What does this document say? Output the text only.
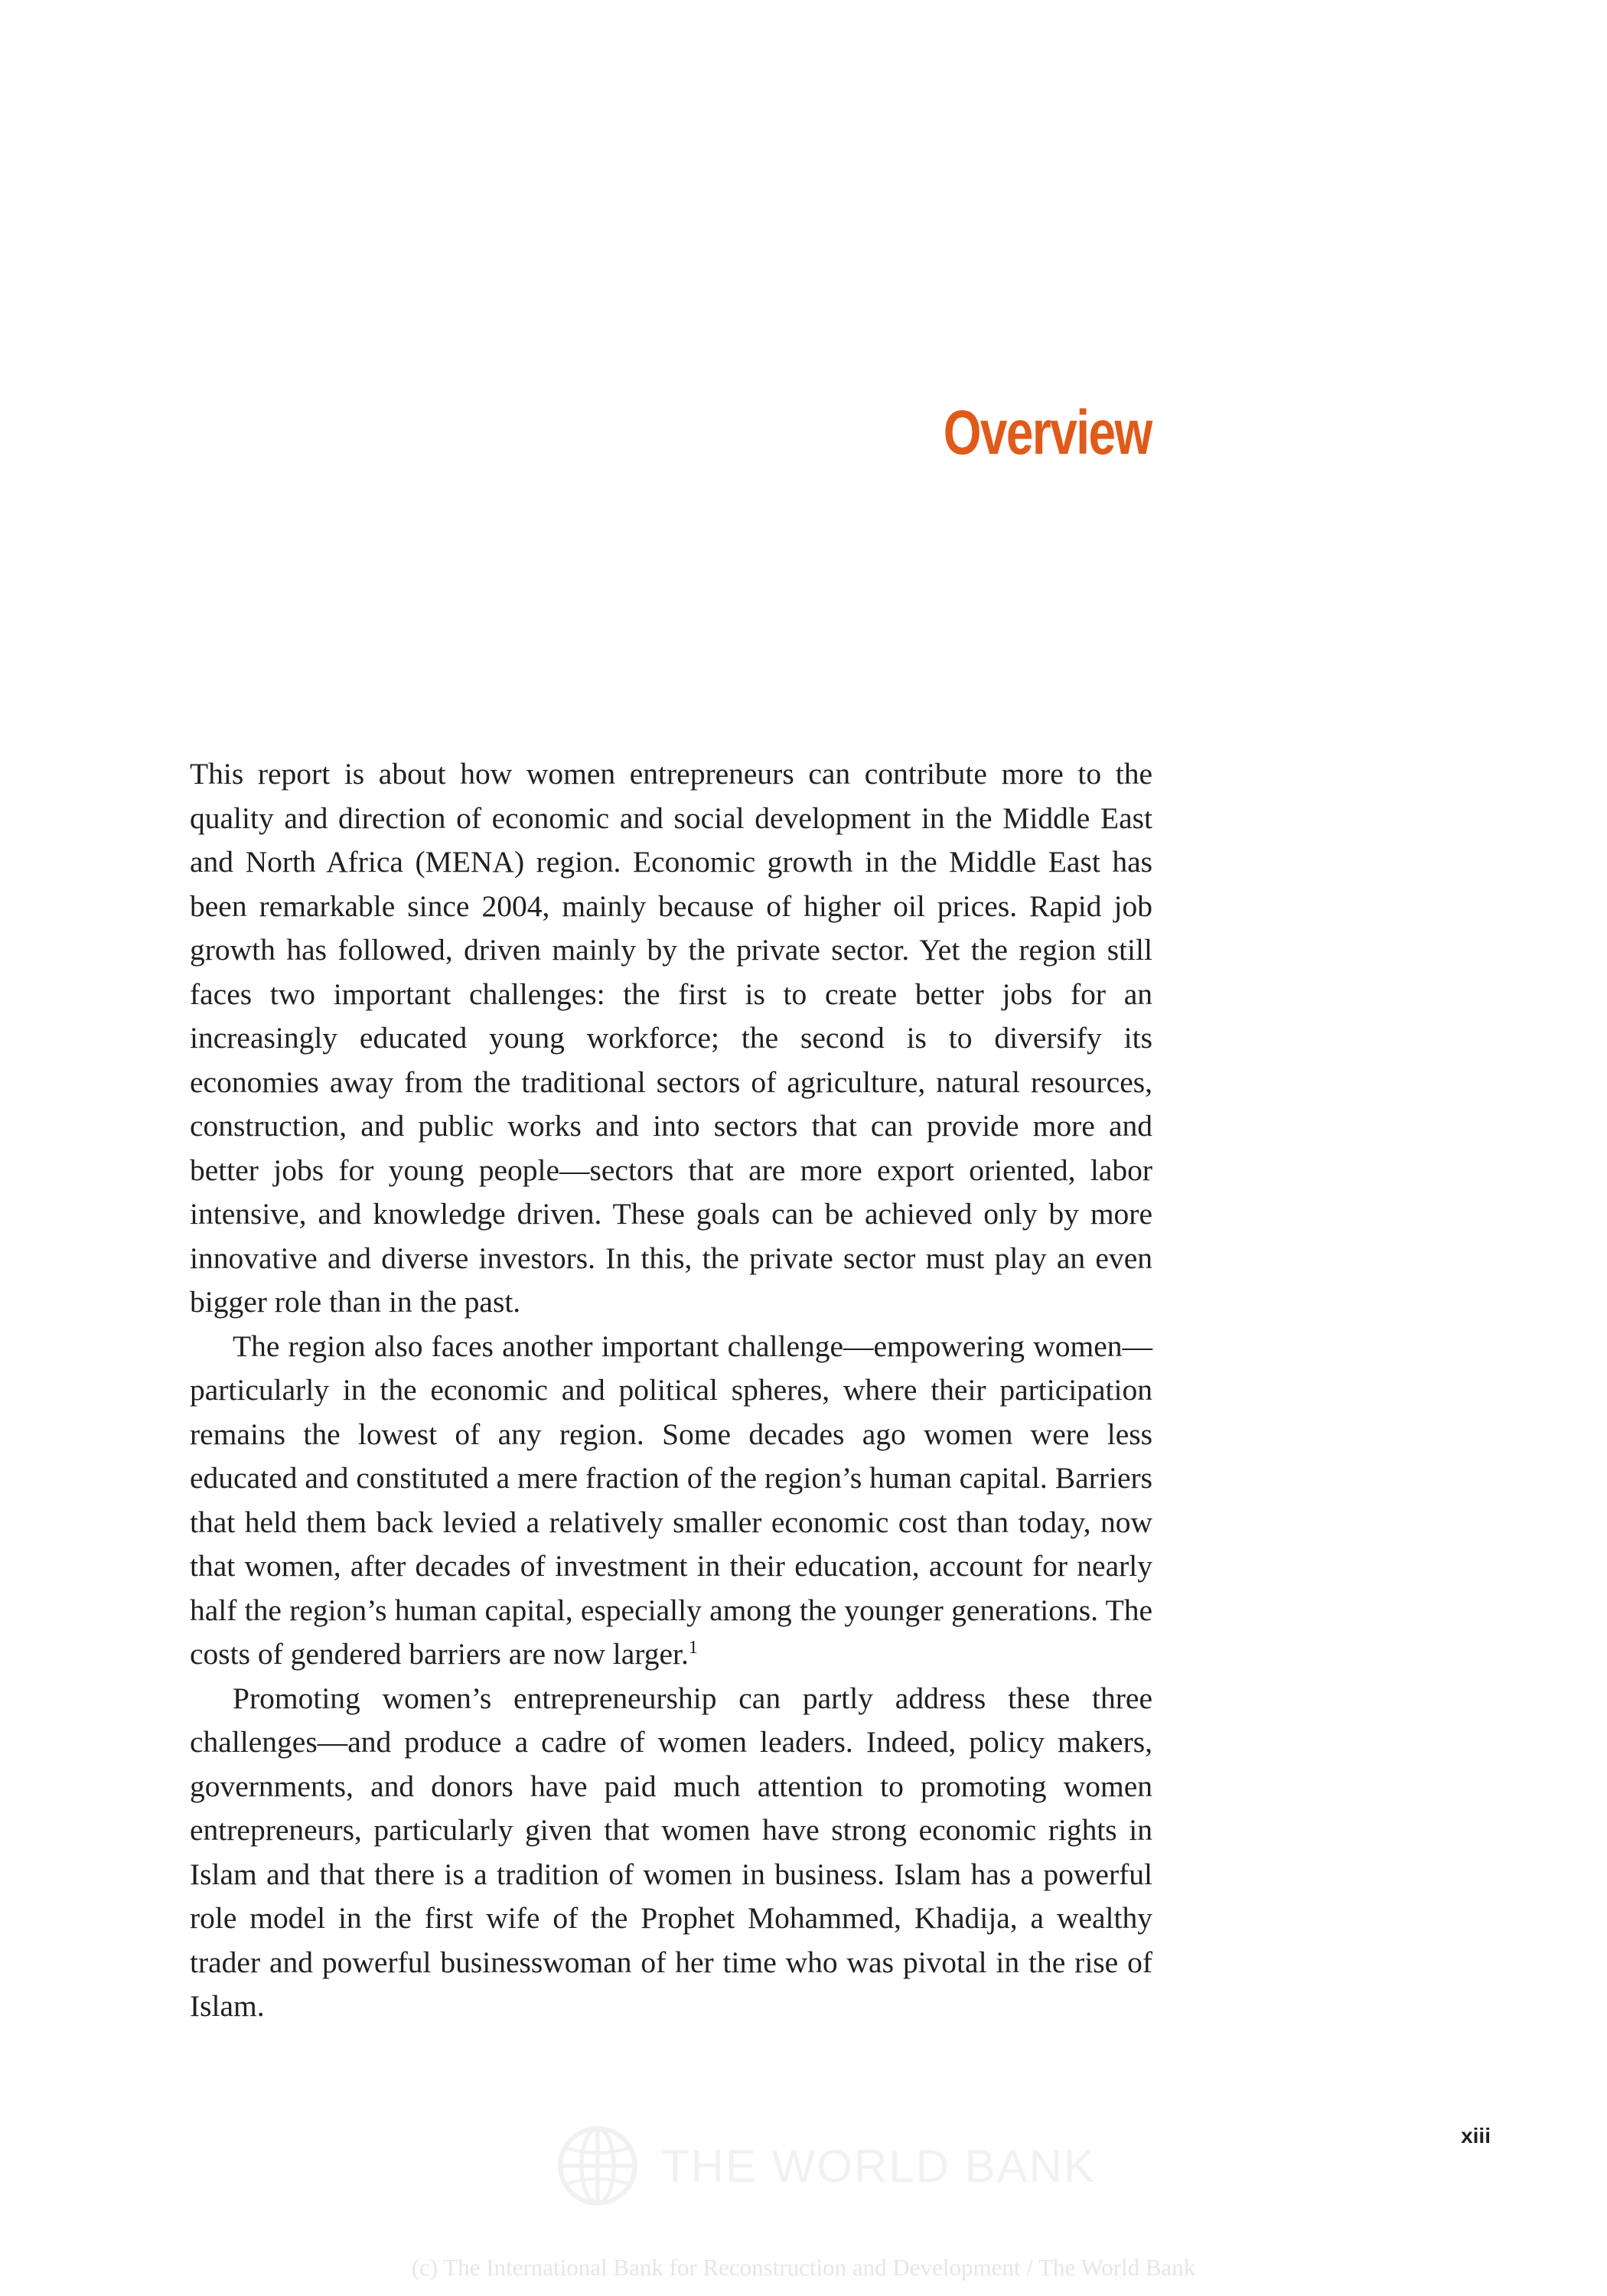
Overview

This report is about how women entrepreneurs can contribute more to the quality and direction of economic and social development in the Middle East and North Africa (MENA) region. Economic growth in the Middle East has been remarkable since 2004, mainly because of higher oil prices. Rapid job growth has followed, driven mainly by the private sector. Yet the region still faces two important challenges: the first is to create better jobs for an increasingly educated young workforce; the second is to diversify its economies away from the traditional sectors of agriculture, natural resources, construction, and public works and into sectors that can provide more and better jobs for young people—sectors that are more export oriented, labor intensive, and knowledge driven. These goals can be achieved only by more innovative and diverse investors. In this, the private sector must play an even bigger role than in the past.

The region also faces another important challenge—empowering women—particularly in the economic and political spheres, where their participation remains the lowest of any region. Some decades ago women were less educated and constituted a mere fraction of the region’s human capital. Barriers that held them back levied a relatively smaller economic cost than today, now that women, after decades of investment in their education, account for nearly half the region’s human capital, especially among the younger generations. The costs of gendered barriers are now larger.$^1$

Promoting women’s entrepreneurship can partly address these three challenges—and produce a cadre of women leaders. Indeed, policy makers, governments, and donors have paid much attention to promoting women entrepreneurs, particularly given that women have strong economic rights in Islam and that there is a tradition of women in business. Islam has a powerful role model in the first wife of the Prophet Mohammed, Khadija, a wealthy trader and powerful businesswoman of her time who was pivotal in the rise of Islam.

THE WORLD BANK
xiii
(c) The International Bank for Reconstruction and Development / The World Bank
